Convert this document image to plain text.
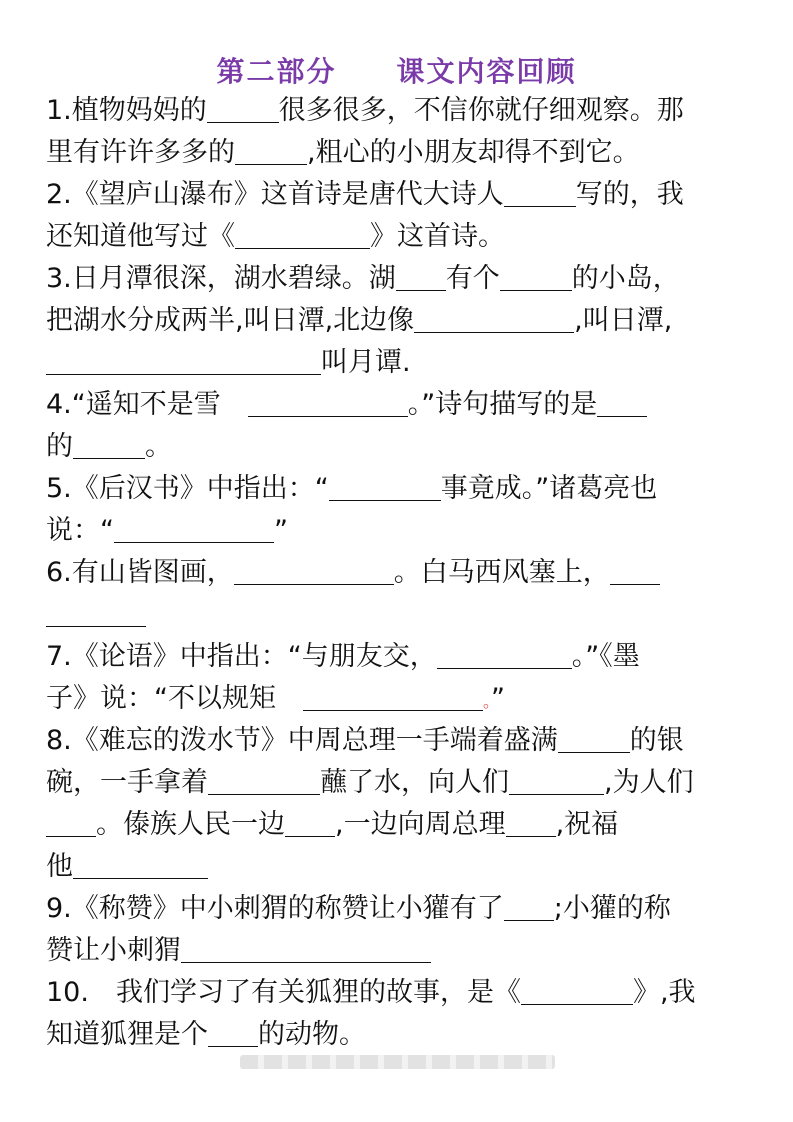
第二部分　　课文内容回顾
1.植物妈妈的	很多很多，不信你就仔细观察。那
里有许许多多的	,粗心的小朋友却得不到它。
2.《望庐山瀑布》这首诗是唐代大诗人	写的，我
还知道他写过《	》这首诗。
3.日月潭很深，湖水碧绿。湖 有个	的小岛，
把湖水分成两半,叫日潭,北边像	,叫日潭,
叫月谭.
4.“遥知不是雪　	。”诗句描写的是
的	。
5.《后汉书》中指出：“	事竟成。”诸葛亮也
说：“	”
6.有山皆图画，	。白马西风塞上，
7.《论语》中指出：“与朋友交，	。”《墨
子》说：“不以规矩　	。”
8.《难忘的泼水节》中周总理一手端着盛满	的银
碗，一手拿着	蘸了水，向人们	,为人们
。傣族人民一边 ,一边向周总理 ,祝福
他
9.《称赞》中小刺猬的称赞让小獾有了 ;小獾的称
赞让小刺猬
10.　我们学习了有关狐狸的故事，是《	》,我
知道狐狸是个 的动物。
